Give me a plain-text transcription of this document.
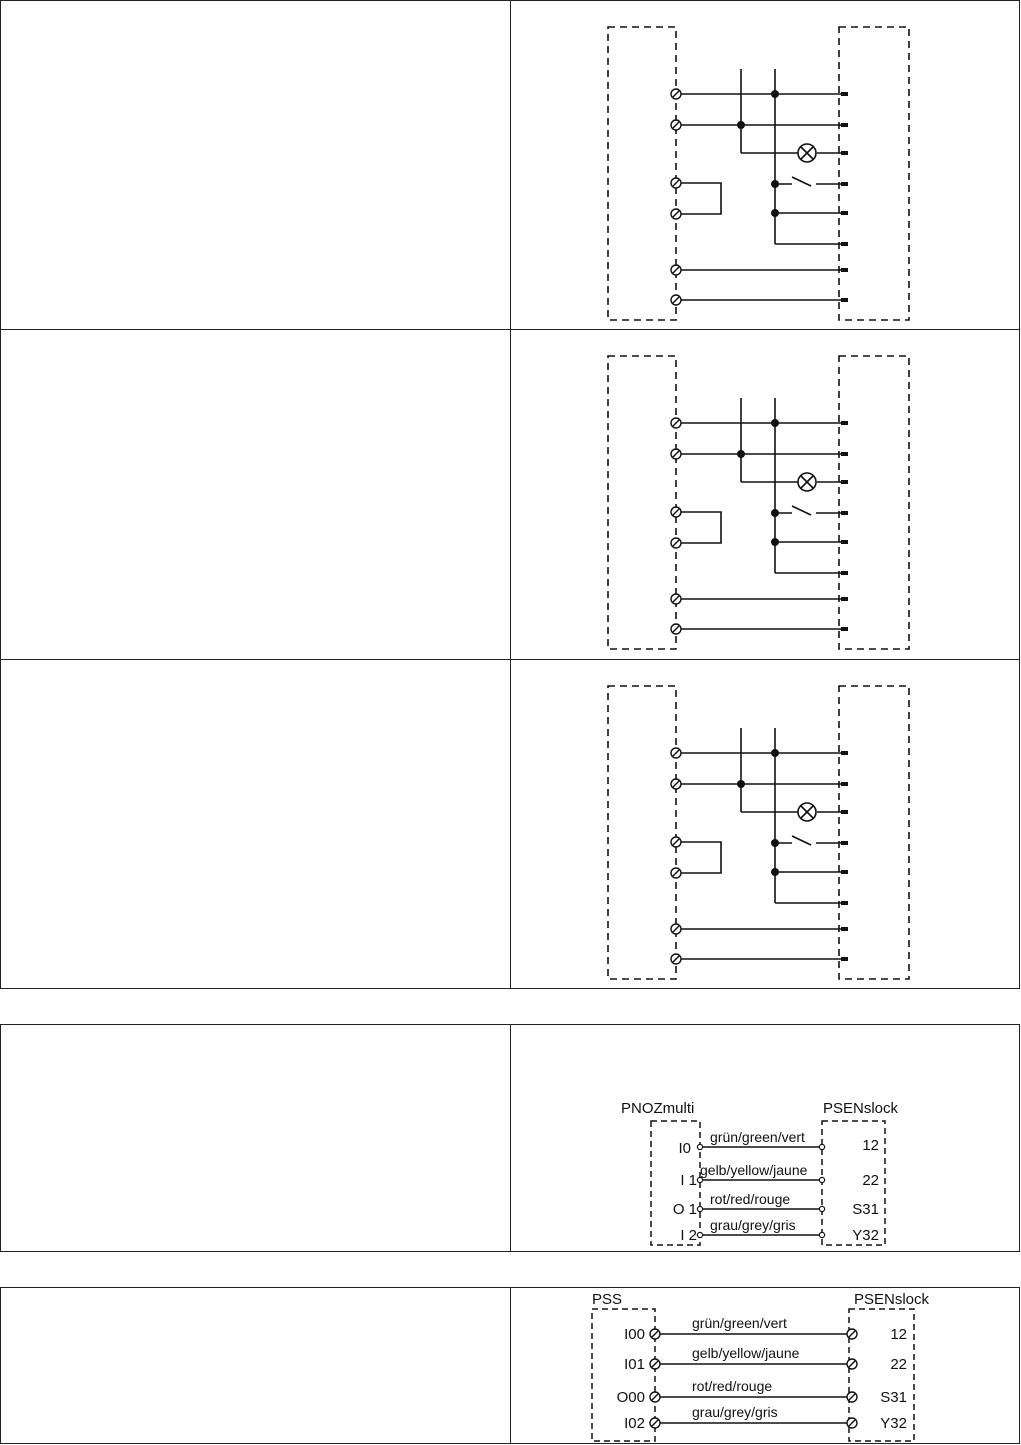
PNOZmulti	PSENslock
I0
I 1
O 1
I 2
grün/green/vert
gelb/yellow/jaune
rot/red/rouge
grau/grey/gris
12
22
S31
Y32
PSS	PSENslock
I00
I01
O00
I02
grün/green/vert
gelb/yellow/jaune
rot/red/rouge
grau/grey/gris
12
22
S31
Y32
